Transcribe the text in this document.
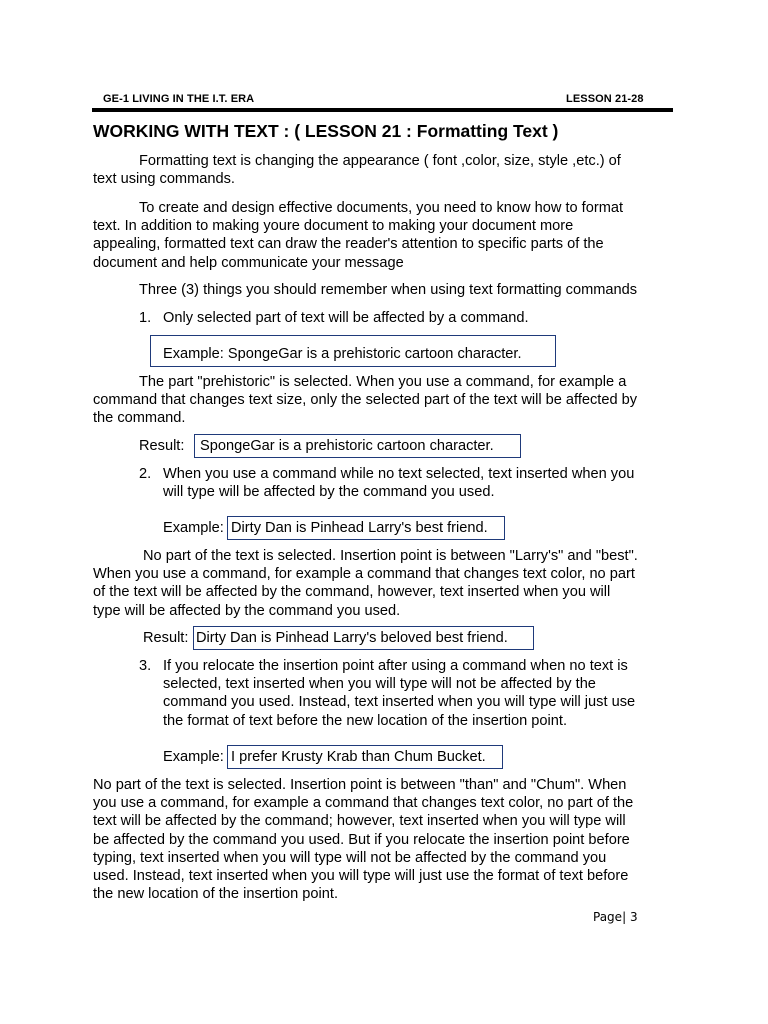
GE-1 LIVING IN THE I.T. ERA	LESSON 21-28
WORKING WITH TEXT : ( LESSON 21 : Formatting Text )
Formatting text is changing the appearance ( font ,color, size, style ,etc.) of
text using commands.
To create and design effective documents, you need to know how to format
text. In addition to making youre document to making your document more
appealing, formatted text can draw the reader's attention to specific parts of the
document and help communicate your message
Three (3) things you should remember when using text formatting commands
1. Only selected part of text will be affected by a command.
Example: SpongeGar is a prehistoric cartoon character.
The part "prehistoric" is selected. When you use a command, for example a
command that changes text size, only the selected part of the text will be affected by
the command.
Result: SpongeGar is a prehistoric cartoon character.
2. When you use a command while no text selected, text inserted when you
will type will be affected by the command you used.
Example: Dirty Dan is Pinhead Larry's best friend.
No part of the text is selected. Insertion point is between "Larry's" and "best".
When you use a command, for example a command that changes text color, no part
of the text will be affected by the command, however, text inserted when you will
type will be affected by the command you used.
Result: Dirty Dan is Pinhead Larry's beloved best friend.
3. If you relocate the insertion point after using a command when no text is
selected, text inserted when you will type will not be affected by the
command you used. Instead, text inserted when you will type will just use
the format of text before the new location of the insertion point.
Example: I prefer Krusty Krab than Chum Bucket.
No part of the text is selected. Insertion point is between "than" and "Chum". When
you use a command, for example a command that changes text color, no part of the
text will be affected by the command; however, text inserted when you will type will
be affected by the command you used. But if you relocate the insertion point before
typing, text inserted when you will type will not be affected by the command you
used. Instead, text inserted when you will type will just use the format of text before
the new location of the insertion point.
Page| 3
